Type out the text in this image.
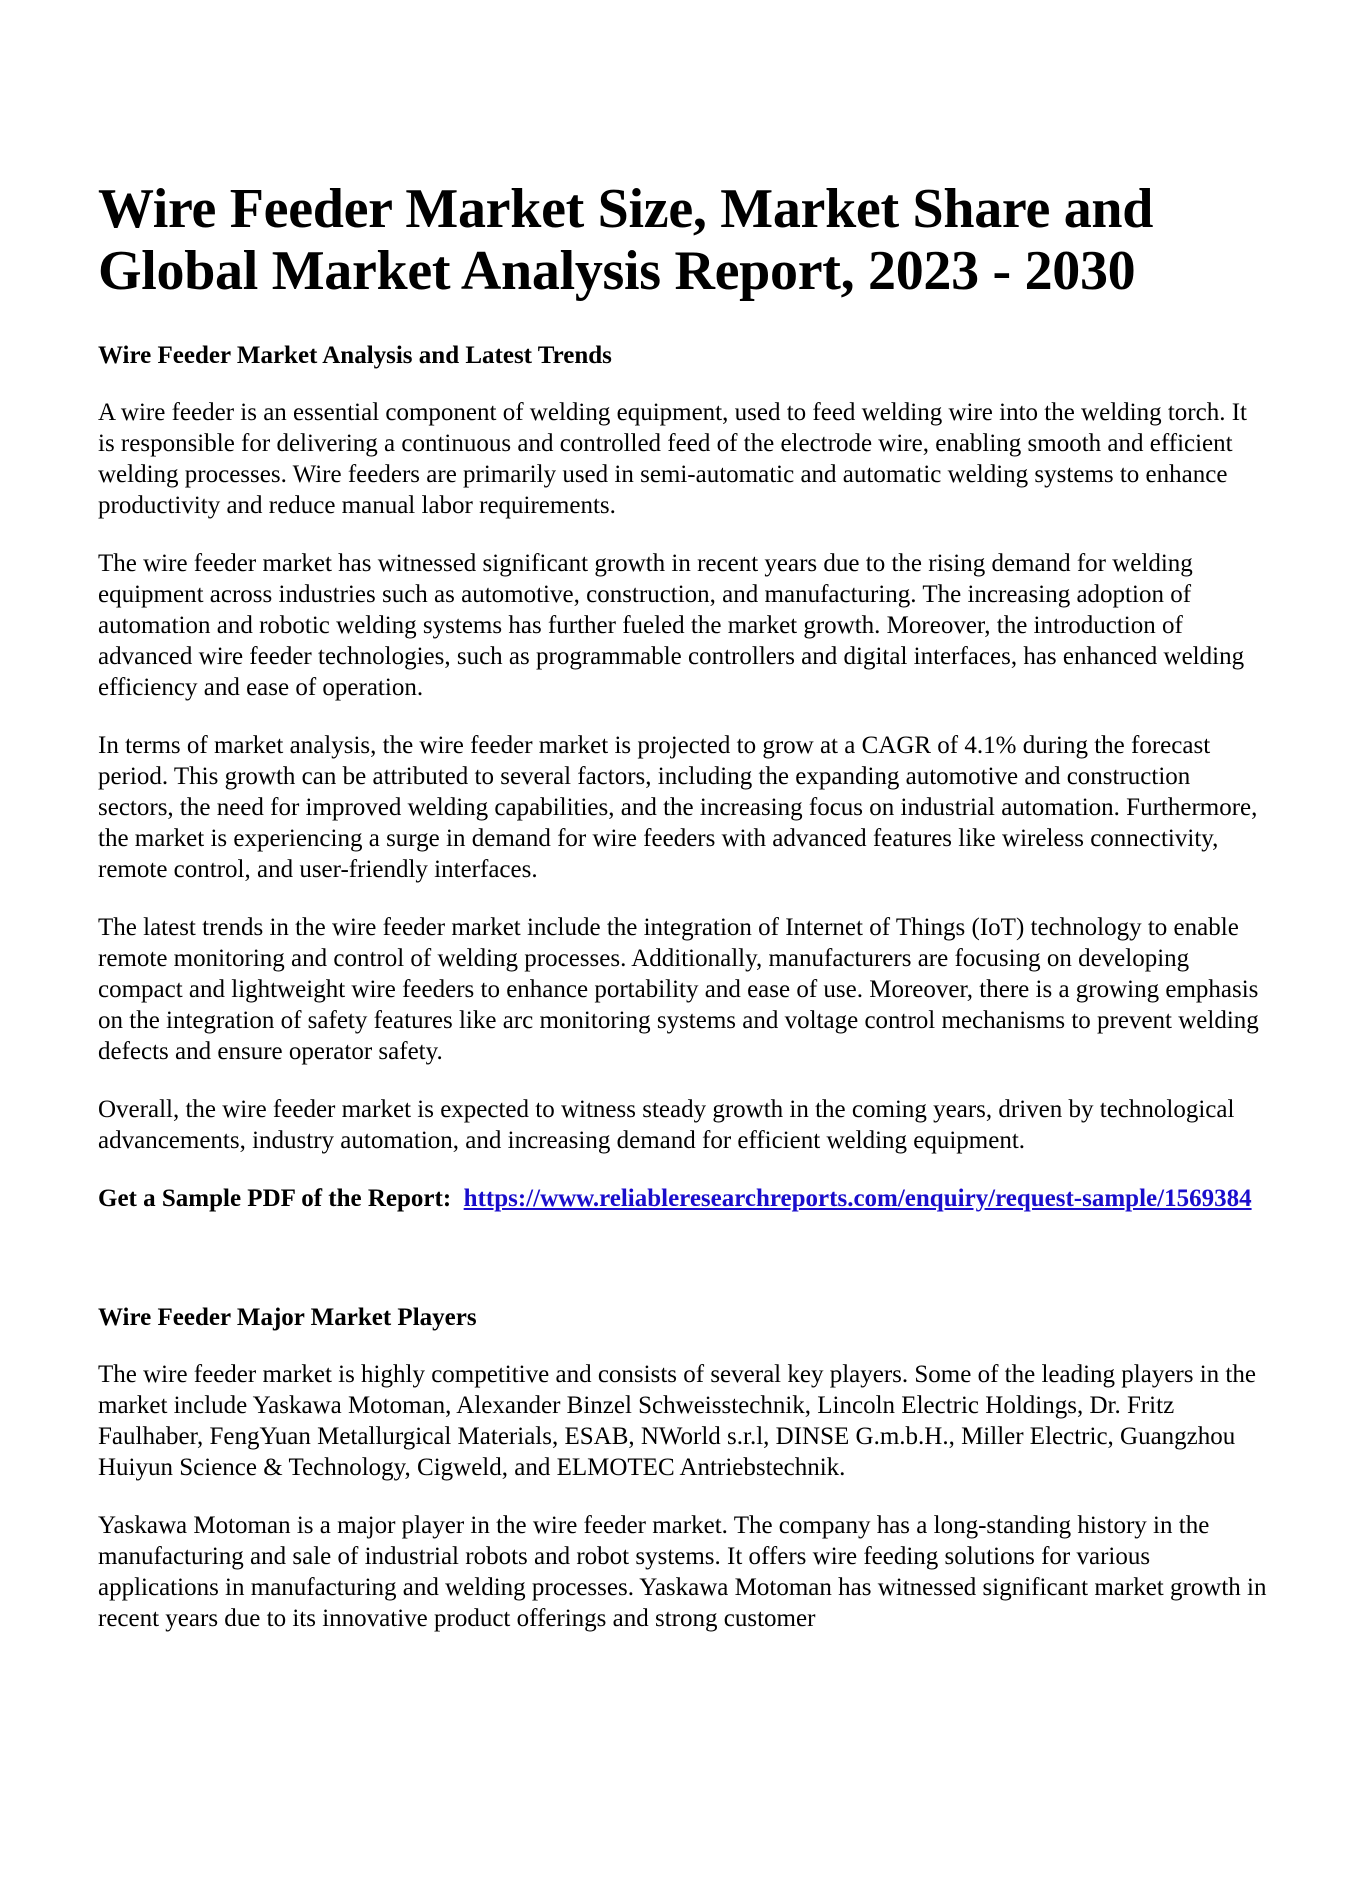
Wire Feeder Market Size, Market Share and Global Market Analysis Report, 2023 - 2030
Wire Feeder Market Analysis and Latest Trends

A wire feeder is an essential component of welding equipment, used to feed welding wire into the welding torch. It is responsible for delivering a continuous and controlled feed of the electrode wire, enabling smooth and efficient welding processes. Wire feeders are primarily used in semi-automatic and automatic welding systems to enhance productivity and reduce manual labor requirements.

The wire feeder market has witnessed significant growth in recent years due to the rising demand for welding equipment across industries such as automotive, construction, and manufacturing. The increasing adoption of automation and robotic welding systems has further fueled the market growth. Moreover, the introduction of advanced wire feeder technologies, such as programmable controllers and digital interfaces, has enhanced welding efficiency and ease of operation.

In terms of market analysis, the wire feeder market is projected to grow at a CAGR of 4.1% during the forecast period. This growth can be attributed to several factors, including the expanding automotive and construction sectors, the need for improved welding capabilities, and the increasing focus on industrial automation. Furthermore, the market is experiencing a surge in demand for wire feeders with advanced features like wireless connectivity, remote control, and user-friendly interfaces.

The latest trends in the wire feeder market include the integration of Internet of Things (IoT) technology to enable remote monitoring and control of welding processes. Additionally, manufacturers are focusing on developing compact and lightweight wire feeders to enhance portability and ease of use. Moreover, there is a growing emphasis on the integration of safety features like arc monitoring systems and voltage control mechanisms to prevent welding defects and ensure operator safety.

Overall, the wire feeder market is expected to witness steady growth in the coming years, driven by technological advancements, industry automation, and increasing demand for efficient welding equipment.

Get a Sample PDF of the Report: https://www.reliableresearchreports.com/enquiry/request-sample/1569384

Wire Feeder Major Market Players

The wire feeder market is highly competitive and consists of several key players. Some of the leading players in the market include Yaskawa Motoman, Alexander Binzel Schweisstechnik, Lincoln Electric Holdings, Dr. Fritz Faulhaber, FengYuan Metallurgical Materials, ESAB, NWorld s.r.l, DINSE G.m.b.H., Miller Electric, Guangzhou Huiyun Science & Technology, Cigweld, and ELMOTEC Antriebstechnik.

Yaskawa Motoman is a major player in the wire feeder market. The company has a long-standing history in the manufacturing and sale of industrial robots and robot systems. It offers wire feeding solutions for various applications in manufacturing and welding processes. Yaskawa Motoman has witnessed significant market growth in recent years due to its innovative product offerings and strong customer
